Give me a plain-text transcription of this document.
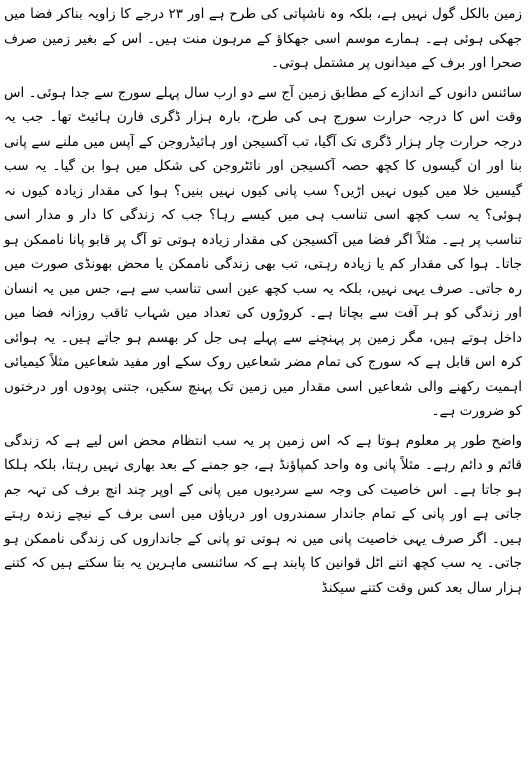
زمین بالکل گول نہیں ہے، بلکہ وہ ناشپاتی کی طرح ہے اور ۲۳ درجے کا زاویہ بناکر فضا میں جھکی ہوئی ہے۔ ہمارے موسم اسی جھکاؤ کے مرہون منت ہیں۔ اس کے بغیر زمین صرف صحرا اور برف کے میدانوں پر مشتمل ہوتی۔

سائنس دانوں کے اندازے کے مطابق زمین آج سے دو ارب سال پہلے سورج سے جدا ہوئی۔ اس وقت اس کا درجہ حرارت سورج ہی کی طرح، بارہ ہزار ڈگری فارن ہائیٹ تھا۔ جب یہ درجہ حرارت چار ہزار ڈگری تک آگیا، تب آکسیجن اور ہائیڈروجن کے آپس میں ملنے سے پانی بنا اور ان گیسوں کا کچھ حصہ آکسیجن اور نائٹروجن کی شکل میں ہوا بن گیا۔ یہ سب گیسیں خلا میں کیوں نہیں اڑیں؟ سب پانی کیوں نہیں بنیں؟ ہوا کی مقدار زیادہ کیوں نہ ہوئی؟ یہ سب کچھ اسی تناسب ہی میں کیسے رہا؟ جب کہ زندگی کا دار و مدار اسی تناسب پر ہے۔ مثلاً اگر فضا میں آکسیجن کی مقدار زیادہ ہوتی تو آگ پر قابو پانا ناممکن ہو جاتا۔ ہوا کی مقدار کم یا زیادہ رہتی، تب بھی زندگی ناممکن یا محض بھونڈی صورت میں رہ جاتی۔ صرف یہی نہیں، بلکہ یہ سب کچھ عین اسی تناسب سے ہے، جس میں یہ انسان اور زندگی کو ہر آفت سے بچاتا ہے۔ کروڑوں کی تعداد میں شہاب ثاقب روزانہ فضا میں داخل ہوتے ہیں، مگر زمین پر پہنچنے سے پہلے ہی جل کر بھسم ہو جاتے ہیں۔ یہ ہوائی کرہ اس قابل ہے کہ سورج کی تمام مضر شعاعیں روک سکے اور مفید شعاعیں مثلاً کیمیائی اہمیت رکھنے والی شعاعیں اسی مقدار میں زمین تک پہنچ سکیں، جتنی پودوں اور درختوں کو ضرورت ہے۔

واضح طور پر معلوم ہوتا ہے کہ اس زمین پر یہ سب انتظام محض اس لیے ہے کہ زندگی قائم و دائم رہے۔ مثلاً پانی وہ واحد کمپاؤنڈ ہے، جو جمنے کے بعد بھاری نہیں رہتا، بلکہ ہلکا ہو جاتا ہے۔ اس خاصیت کی وجہ سے سردیوں میں پانی کے اوپر چند انچ برف کی تہہ جم جاتی ہے اور پانی کے تمام جاندار سمندروں اور دریاؤں میں اسی برف کے نیچے زندہ رہتے ہیں۔ اگر صرف یہی خاصیت پانی میں نہ ہوتی تو پانی کے جانداروں کی زندگی ناممکن ہو جاتی۔ یہ سب کچھ اتنے اٹل قوانین کا پابند ہے کہ سائنسی ماہرین یہ بتا سکتے ہیں کہ کتنے ہزار سال بعد کس وقت کتنے سیکنڈ
